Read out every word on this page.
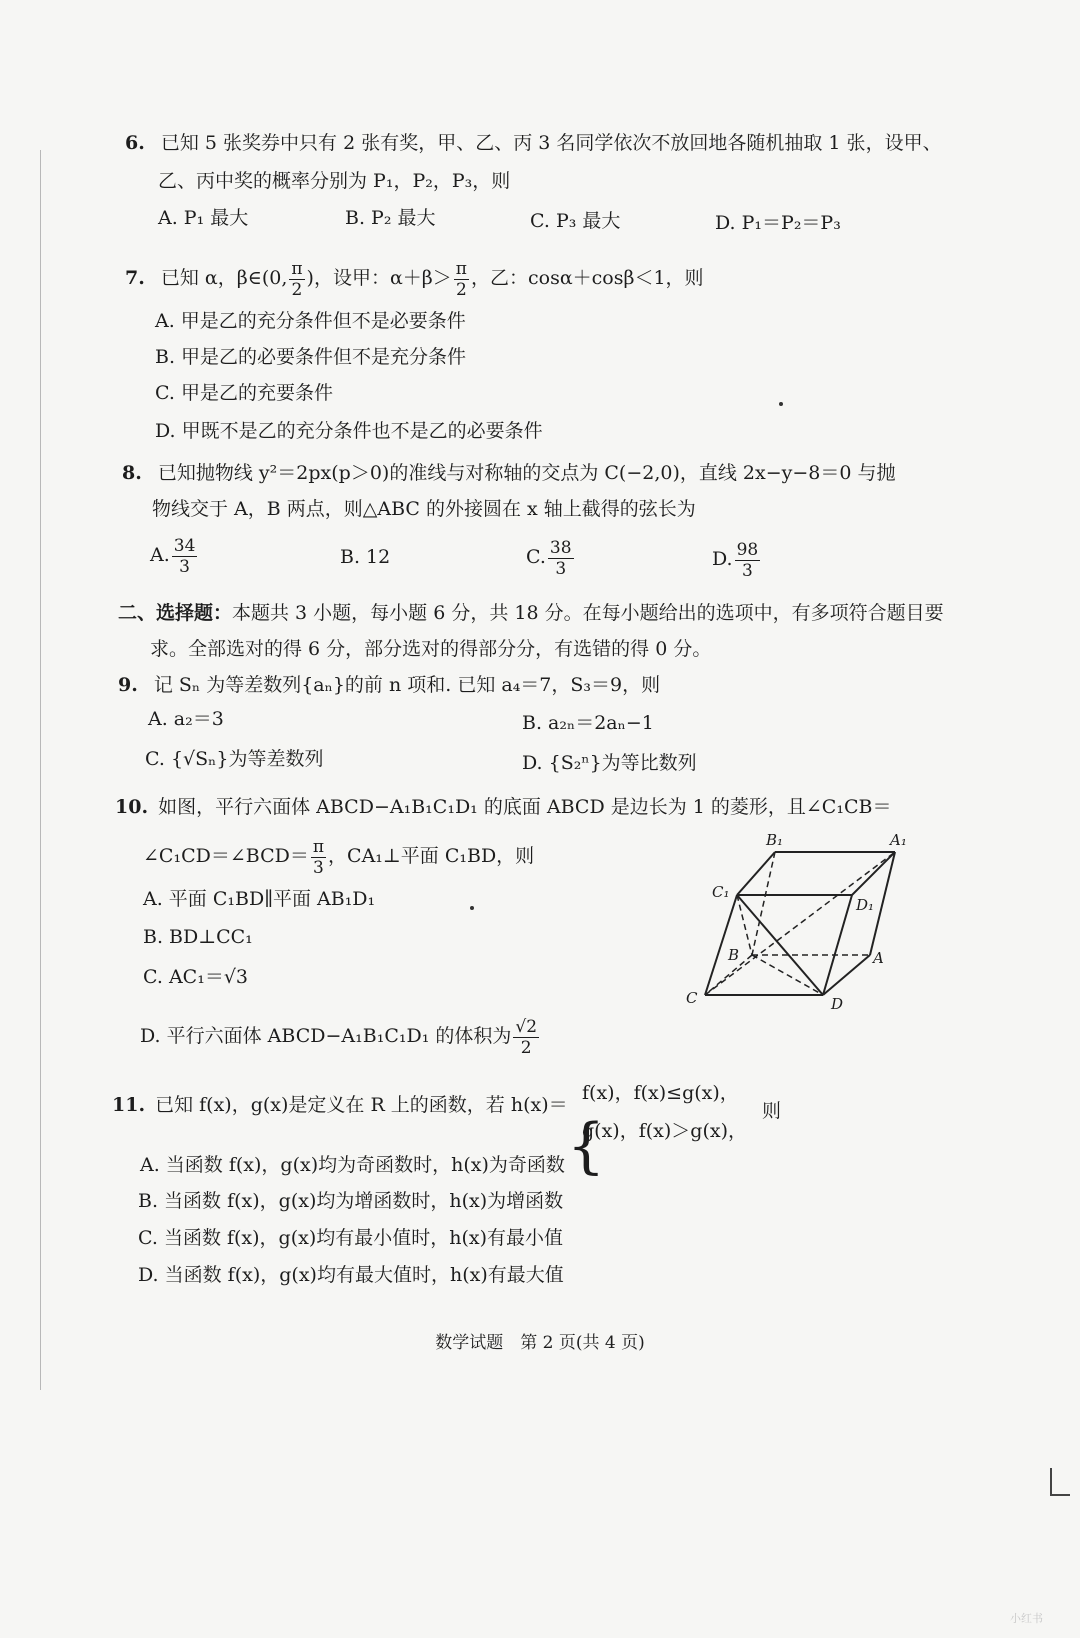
6. 已知 5 张奖券中只有 2 张有奖，甲、乙、丙 3 名同学依次不放回地各随机抽取 1 张，设甲、
乙、丙中奖的概率分别为 P₁，P₂，P₃，则
A. P₁ 最大	B. P₂ 最大	C. P₃ 最大	D. P₁＝P₂＝P₃
7. 已知 α，β∈(0, $\frac{\pi}{2}$ )，设甲：$\alpha+\beta> \frac{\pi}{2}$ ，乙：cosα＋cosβ＜1，则
A. 甲是乙的充分条件但不是必要条件
B. 甲是乙的必要条件但不是充分条件
C. 甲是乙的充要条件
D. 甲既不是乙的充分条件也不是乙的必要条件
8. 已知抛物线 y²＝2px(p＞0)的准线与对称轴的交点为 C(−2,0)，直线 2x−y−8＝0 与抛
物线交于 A，B 两点，则△ABC 的外接圆在 x 轴上截得的弦长为
A. $\frac{34}{3}$	B. 12	C. $\frac{38}{3}$	D. $\frac{98}{3}$
二、选择题：本题共 3 小题，每小题 6 分，共 18 分。在每小题给出的选项中，有多项符合题目要
求。全部选对的得 6 分，部分选对的得部分分，有选错的得 0 分。
9. 记 Sₙ 为等差数列{aₙ}的前 n 项和. 已知 a₄＝7，S₃＝9，则
A. a₂＝3	B. a₂ₙ＝2aₙ−1
C. {√Sₙ}为等差数列	D. {S₂ⁿ}为等比数列
10. 如图，平行六面体 ABCD−A₁B₁C₁D₁ 的底面 ABCD 是边长为 1 的菱形，且∠C₁CB＝
∠C₁CD＝∠BCD＝ $\frac{\pi}{3}$ ，CA₁⊥平面 C₁BD，则
A. 平面 C₁BD∥平面 AB₁D₁
B. BD⊥CC₁
C. AC₁＝√3
D. 平行六面体 ABCD−A₁B₁C₁D₁ 的体积为 $\frac{√2}{2}$
B₁	A₁
C₁
D₁
B	A
C	D
11. 已知 f(x)，g(x)是定义在 R 上的函数，若 h(x)＝
{
f(x)，f(x)≤g(x)，
g(x)，f(x)＞g(x)，
则
A. 当函数 f(x)，g(x)均为奇函数时，h(x)为奇函数
B. 当函数 f(x)，g(x)均为增函数时，h(x)为增函数
C. 当函数 f(x)，g(x)均有最小值时，h(x)有最小值
D. 当函数 f(x)，g(x)均有最大值时，h(x)有最大值
数学试题　第 2 页(共 4 页)
小红书
